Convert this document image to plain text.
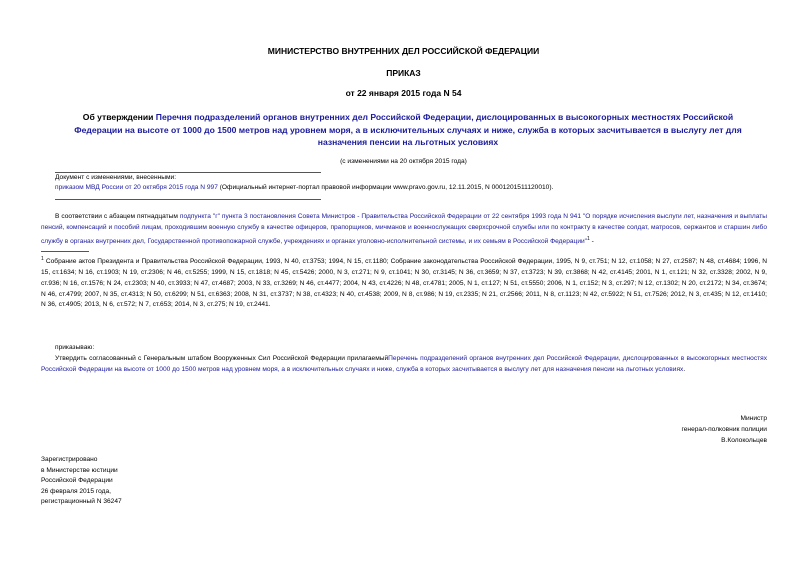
МИНИСТЕРСТВО ВНУТРЕННИХ ДЕЛ РОССИЙСКОЙ ФЕДЕРАЦИИ
ПРИКАЗ
от 22 января 2015 года N 54
Об утверждении Перечня подразделений органов внутренних дел Российской Федерации, дислоцированных в высокогорных местностях Российской Федерации на высоте от 1000 до 1500 метров над уровнем моря, а в исключительных случаях и ниже, служба в которых засчитывается в выслугу лет для назначения пенсии на льготных условиях
(с изменениями на 20 октября 2015 года)
Документ с изменениями, внесенными:
приказом МВД России от 20 октября 2015 года N 997 (Официальный интернет-портал правовой информации www.pravo.gov.ru, 12.11.2015, N 0001201511120010).
В соответствии с абзацем пятнадцатым подпункта "г" пункта 3 постановления Совета Министров - Правительства Российской Федерации от 22 сентября 1993 года N 941 "О порядке исчисления выслуги лет, назначения и выплаты пенсий, компенсаций и пособий лицам, проходившим военную службу в качестве офицеров, прапорщиков, мичманов и военнослужащих сверхсрочной службы или по контракту в качестве солдат, матросов, сержантов и старшин либо службу в органах внутренних дел, Государственной противопожарной службе, учреждениях и органах уголовно-исполнительной системы, и их семьям в Российской Федерации"$^1$ -
$^1$ Собрание актов Президента и Правительства Российской Федерации, 1993, N 40, ст.3753; 1994, N 15, ст.1180; Собрание законодательства Российской Федерации, 1995, N 9, ст.751; N 12, ст.1058; N 27, ст.2587; N 48, ст.4684; 1996, N 15, ст.1634; N 16, ст.1903; N 19, ст.2306; N 46, ст.5255; 1999, N 15, ст.1818; N 45, ст.5426; 2000, N 3, ст.271; N 9, ст.1041; N 30, ст.3145; N 36, ст.3659; N 37, ст.3723; N 39, ст.3868; N 42, ст.4145; 2001, N 1, ст.121; N 32, ст.3328; 2002, N 9, ст.936; N 16, ст.1576; N 24, ст.2303; N 40, ст.3933; N 47, ст.4687; 2003, N 33, ст.3269; N 46, ст.4477; 2004, N 43, ст.4226; N 48, ст.4781; 2005, N 1, ст.127; N 51, ст.5550; 2006, N 1, ст.152; N 3, ст.297; N 12, ст.1302; N 20, ст.2172; N 34, ст.3674; N 46, ст.4799; 2007, N 35, ст.4313; N 50, ст.6299; N 51, ст.6363; 2008, N 31, ст.3737; N 38, ст.4323; N 40, ст.4538; 2009, N 8, ст.986; N 19, ст.2335; N 21, ст.2566; 2011, N 8, ст.1123; N 42, ст.5922; N 51, ст.7526; 2012, N 3, ст.435; N 12, ст.1410; N 36, ст.4905; 2013, N 6, ст.572; N 7, ст.653; 2014, N 3, ст.275; N 19, ст.2441.
приказываю:
Утвердить согласованный с Генеральным штабом Вооруженных Сил Российской Федерации прилагаемыйПеречень подразделений органов внутренних дел Российской Федерации, дислоцированных в высокогорных местностях Российской Федерации на высоте от 1000 до 1500 метров над уровнем моря, а в исключительных случаях и ниже, служба в которых засчитывается в выслугу лет для назначения пенсии на льготных условиях.
Министр
генерал-полковник полиции
В.Колокольцев
Зарегистрировано
в Министерстве юстиции
Российской Федерации
26 февраля 2015 года,
регистрационный N 36247
